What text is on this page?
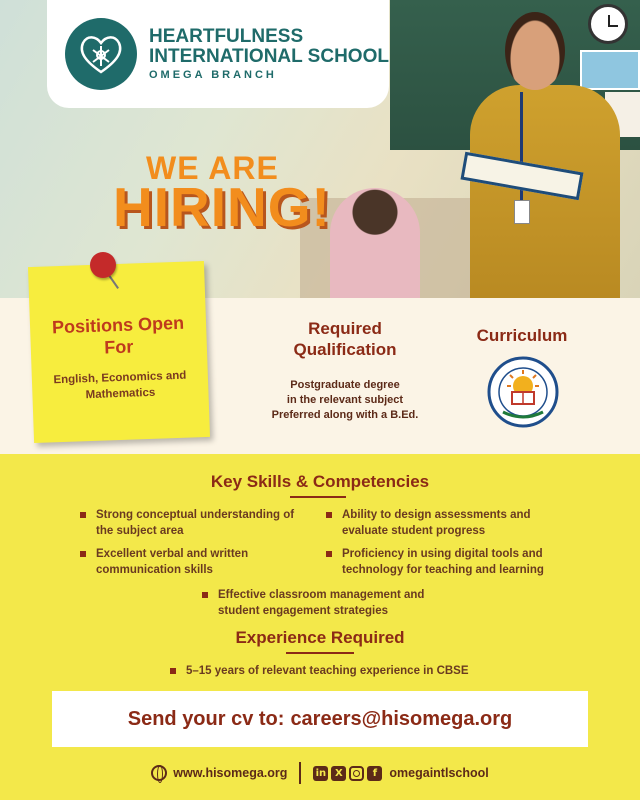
HEARTFULNESS
INTERNATIONAL SCHOOL
OMEGA BRANCH
WE ARE
HIRING!
Positions Open For
English, Economics and Mathematics
Required Qualification
Postgraduate degree
in the relevant subject
Preferred along with a B.Ed.
Curriculum
Key Skills & Competencies
Strong conceptual understanding of the subject area
Ability to design assessments and evaluate student progress
Excellent verbal and written communication skills
Proficiency in using digital tools and technology for teaching and learning
Effective classroom management and student engagement strategies
Experience Required
5–15 years of relevant teaching experience in CBSE
Send your cv to: careers@hisomega.org
www.hisomega.org	in X	f omegaintlschool
